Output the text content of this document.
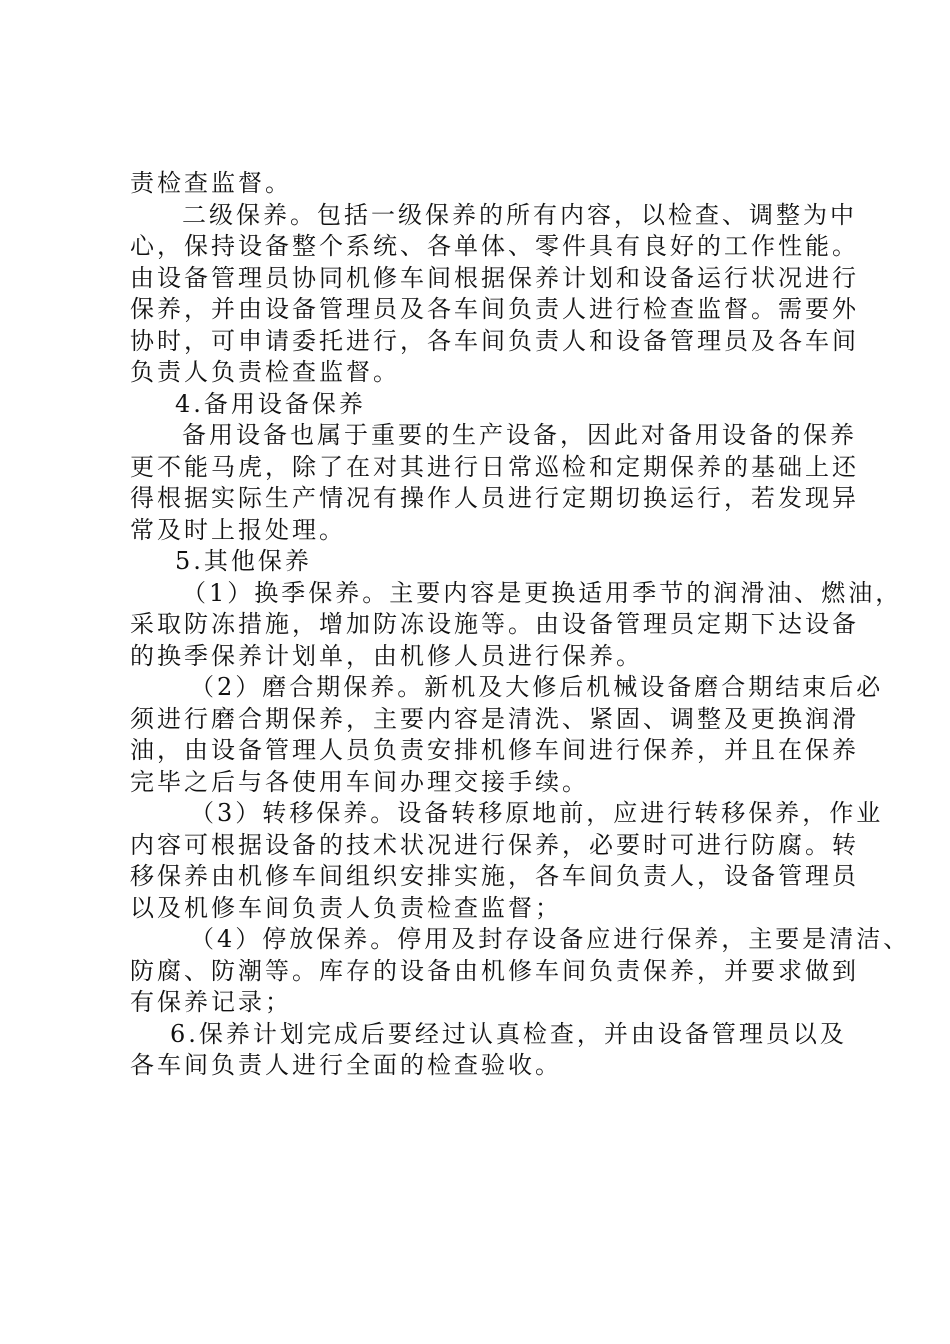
责检查监督。
二级保养。包括一级保养的所有内容，以检查、调整为中
心，保持设备整个系统、各单体、零件具有良好的工作性能。
由设备管理员协同机修车间根据保养计划和设备运行状况进行
保养，并由设备管理员及各车间负责人进行检查监督。需要外
协时，可申请委托进行，各车间负责人和设备管理员及各车间
负责人负责检查监督。
4.备用设备保养
备用设备也属于重要的生产设备，因此对备用设备的保养
更不能马虎，除了在对其进行日常巡检和定期保养的基础上还
得根据实际生产情况有操作人员进行定期切换运行，若发现异
常及时上报处理。
5.其他保养
（1）换季保养。主要内容是更换适用季节的润滑油、燃油，
采取防冻措施，增加防冻设施等。由设备管理员定期下达设备
的换季保养计划单，由机修人员进行保养。
（2）磨合期保养。新机及大修后机械设备磨合期结束后必
须进行磨合期保养，主要内容是清洗、紧固、调整及更换润滑
油，由设备管理人员负责安排机修车间进行保养，并且在保养
完毕之后与各使用车间办理交接手续。
（3）转移保养。设备转移原地前，应进行转移保养，作业
内容可根据设备的技术状况进行保养，必要时可进行防腐。转
移保养由机修车间组织安排实施，各车间负责人，设备管理员
以及机修车间负责人负责检查监督；
（4）停放保养。停用及封存设备应进行保养，主要是清洁、
防腐、防潮等。库存的设备由机修车间负责保养，并要求做到
有保养记录；
6.保养计划完成后要经过认真检查，并由设备管理员以及
各车间负责人进行全面的检查验收。
